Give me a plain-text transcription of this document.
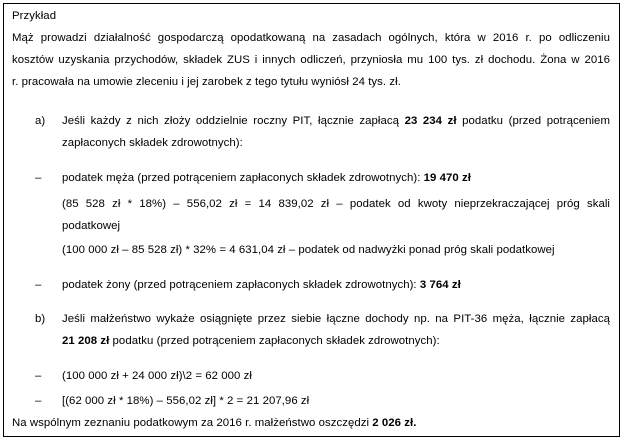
Przykład
Mąż prowadzi działalność gospodarczą opodatkowaną na zasadach ogólnych, która w 2016 r. po odliczeniu
kosztów uzyskania przychodów, składek ZUS i innych odliczeń, przyniosła mu 100 tys. zł dochodu. Żona w 2016
r. pracowała na umowie zleceniu i jej zarobek z tego tytułu wyniósł 24 tys. zł.
a) Jeśli każdy z nich złoży oddzielnie roczny PIT, łącznie zapłacą 23 234 zł podatku (przed potrąceniem
zapłaconych składek zdrowotnych):
– podatek męża (przed potrąceniem zapłaconych składek zdrowotnych): 19 470 zł
(85 528 zł * 18%) – 556,02 zł = 14 839,02 zł – podatek od kwoty nieprzekraczającej próg skali
podatkowej
(100 000 zł – 85 528 zł) * 32% = 4 631,04 zł – podatek od nadwyżki ponad próg skali podatkowej
– podatek żony (przed potrąceniem zapłaconych składek zdrowotnych): 3 764 zł
b) Jeśli małżeństwo wykaże osiągnięte przez siebie łączne dochody np. na PIT-36 męża, łącznie zapłacą
21 208 zł podatku (przed potrąceniem zapłaconych składek zdrowotnych):
– (100 000 zł + 24 000 zł)\2 = 62 000 zł
– [(62 000 zł * 18%) – 556,02 zł] * 2 = 21 207,96 zł
Na wspólnym zeznaniu podatkowym za 2016 r. małżeństwo oszczędzi 2 026 zł.
